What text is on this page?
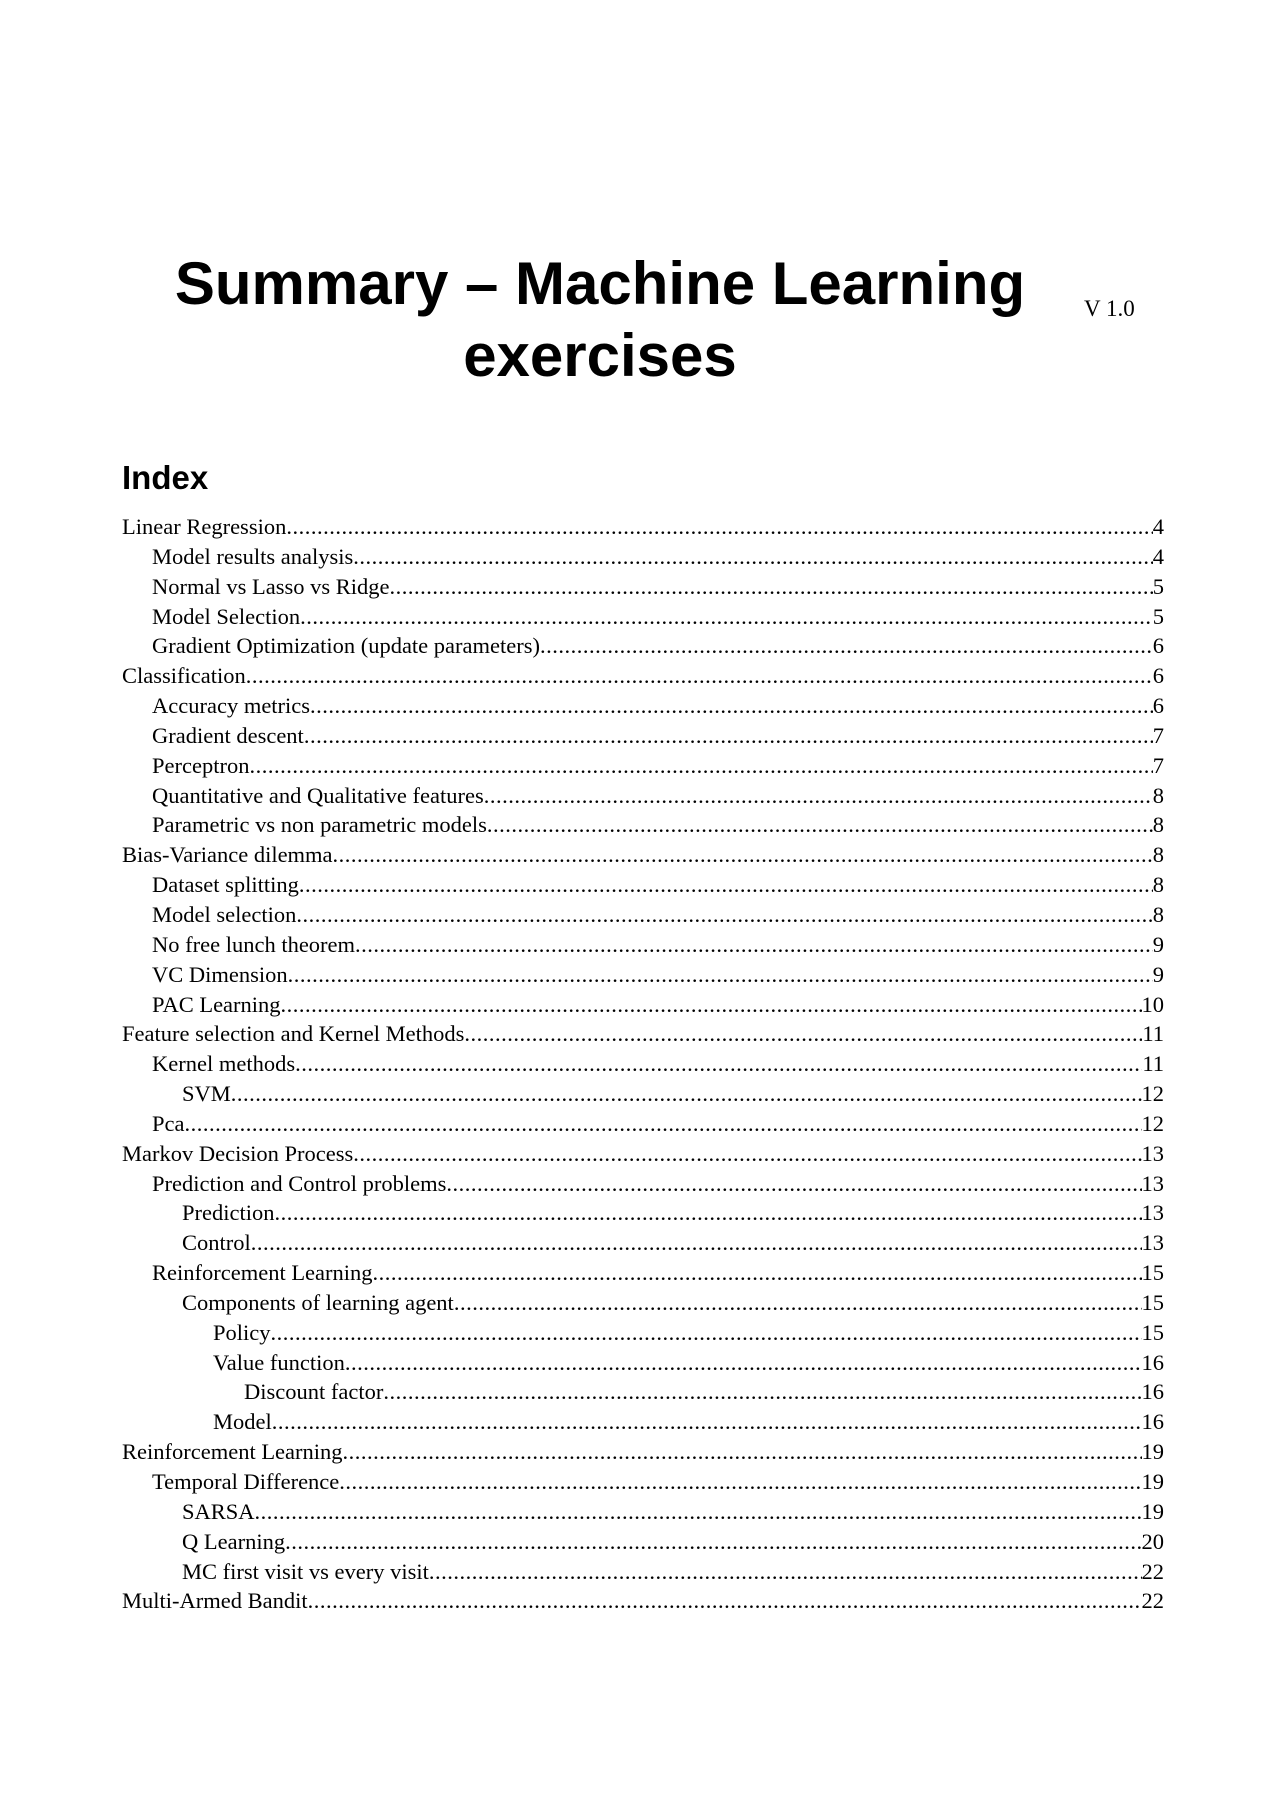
Summary – Machine Learning
exercises
V 1.0
Index
Linear Regression .....	4
Model results analysis .....	4
Normal vs Lasso vs Ridge .....	5
Model Selection .....	5
Gradient Optimization (update parameters) .....	6
Classification .....	6
Accuracy metrics .....	6
Gradient descent .....	7
Perceptron .....	7
Quantitative and Qualitative features .....	8
Parametric vs non parametric models .....	8
Bias-Variance dilemma .....	8
Dataset splitting .....	8
Model selection .....	8
No free lunch theorem .....	9
VC Dimension .....	9
PAC Learning .....	10
Feature selection and Kernel Methods .....	11
Kernel methods .....	11
SVM .....	12
Pca .....	12
Markov Decision Process .....	13
Prediction and Control problems .....	13
Prediction .....	13
Control .....	13
Reinforcement Learning .....	15
Components of learning agent .....	15
Policy .....	15
Value function .....	16
Discount factor .....	16
Model .....	16
Reinforcement Learning .....	19
Temporal Difference .....	19
SARSA .....	19
Q Learning .....	20
MC first visit vs every visit .....	22
Multi-Armed Bandit .....	22
